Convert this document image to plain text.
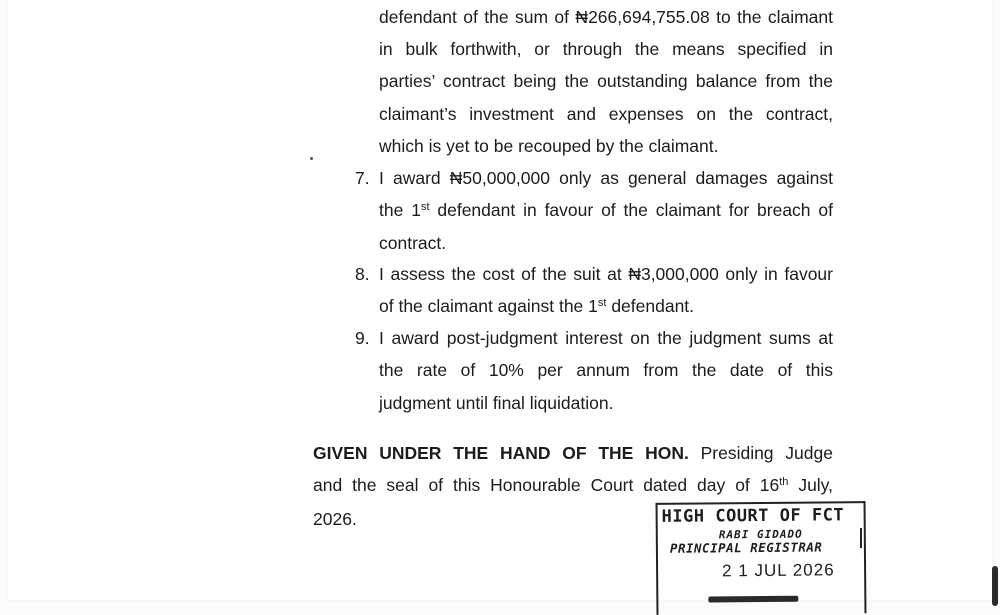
defendant of the sum of ₦266,694,755.08 to the claimant
in bulk forthwith, or through the means specified in
parties’ contract being the outstanding balance from the
claimant’s investment and expenses on the contract,
which is yet to be recouped by the claimant.
7. I award ₦50,000,000 only as general damages against
the 1st defendant in favour of the claimant for breach of
contract.
8. I assess the cost of the suit at ₦3,000,000 only in favour
of the claimant against the 1st defendant.
9. I award post-judgment interest on the judgment sums at
the rate of 10% per annum from the date of this
judgment until final liquidation.
GIVEN UNDER THE HAND OF THE HON. Presiding Judge
and the seal of this Honourable Court dated day of 16th July,
2026.	HIGH COURT OF FCT
RABI GIDADO
PRINCIPAL REGISTRAR
2 1 JUL 2026
